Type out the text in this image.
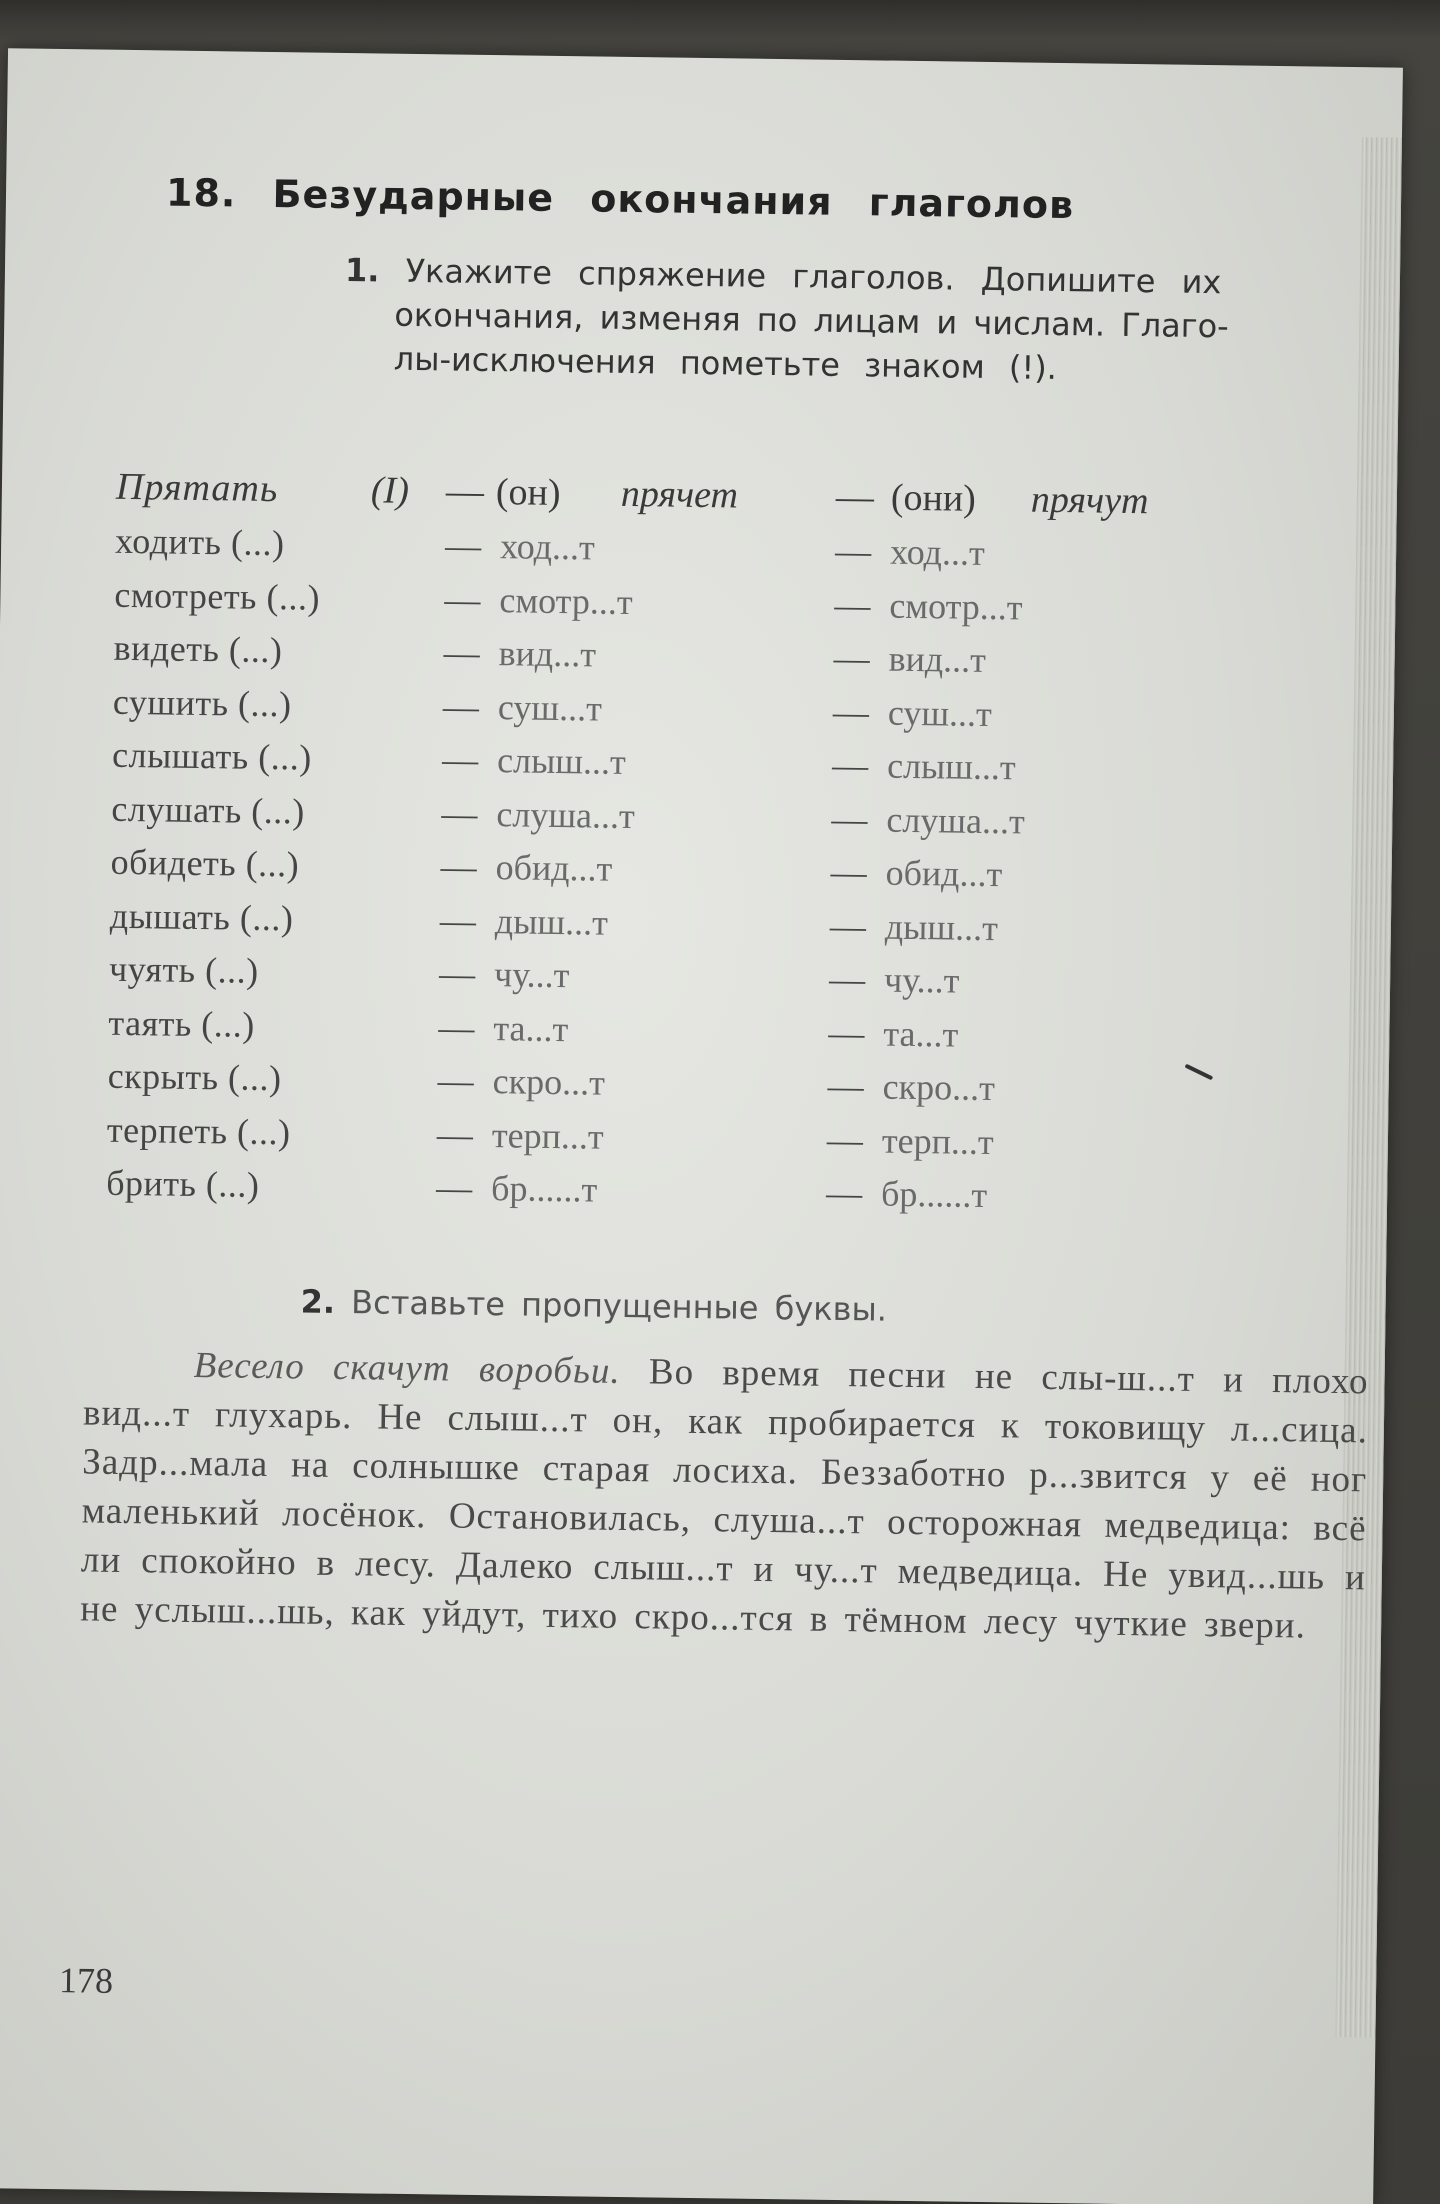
18. Безударные окончания глаголов
1. Укажите спряжение глаголов. Допишите их
окончания, изменяя по лицам и числам. Глаго-
лы-исключения пометьте знаком (!).
Прятать (I) — (он) прячет	— (они) прячут
ходить (...)	— ход...т	— ход...т
смотреть (...)	— смотр...т	— смотр...т
видеть (...)	— вид...т	— вид...т
сушить (...)	— суш...т	— суш...т
слышать (...)	— слыш...т	— слыш...т
слушать (...)	— слуша...т	— слуша...т
обидеть (...)	— обид...т	— обид...т
дышать (...)	— дыш...т	— дыш...т
чуять (...)	— чу...т	— чу...т
таять (...)	— та...т	— та...т
скрыть (...)	— скро...т	— скро...т
терпеть (...)	— терп...т	— терп...т
брить (...)	— бр......т	— бр......т
2. Вставьте пропущенные буквы.
Весело скачут воробьи. Во время песни не слы-ш...т и плохо вид...т глухарь. Не слыш...т он, как пробирается к токовищу л...сица. Задр...мала на солнышке старая лосиха. Беззаботно р...звится у её ног маленький лосёнок. Остановилась, слуша...т осторожная медведица: всё ли спокойно в лесу. Далеко слыш...т и чу...т медведица. Не увид...шь и не услыш...шь, как уйдут, тихо скро...тся в тёмном лесу чуткие звери.
178
